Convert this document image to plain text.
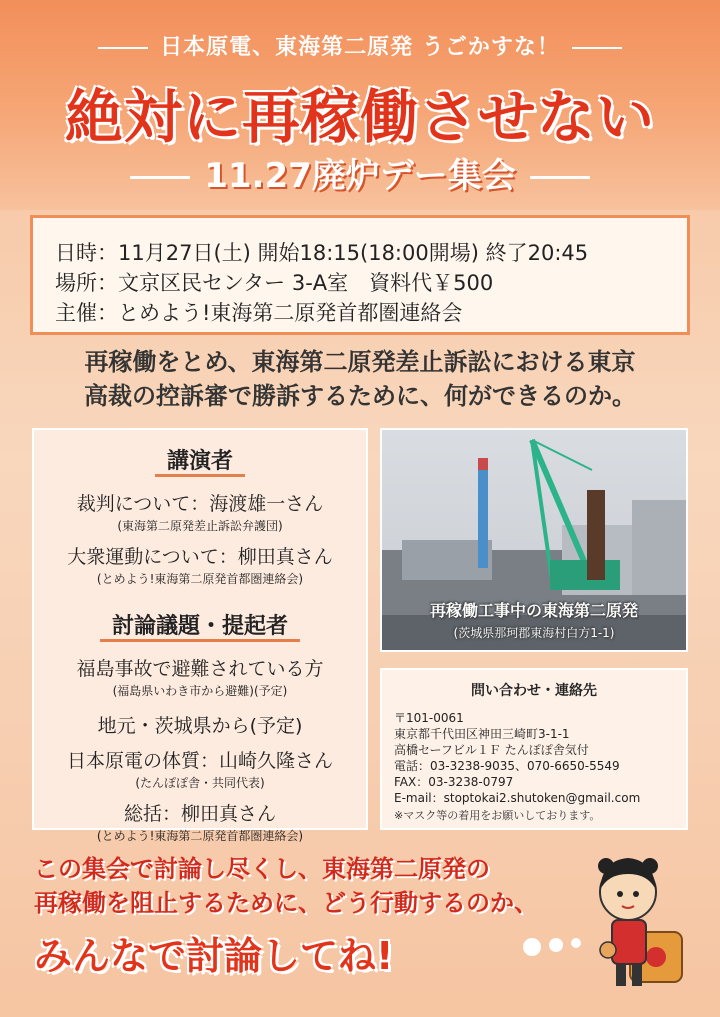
日本原電、東海第二原発 うごかすな！
絶対に再稼働させない
11.27廃炉デー集会
日時：11月27日(土) 開始18:15(18:00開場) 終了20:45
場所：文京区民センター 3-A室　資料代￥500
主催：とめよう!東海第二原発首都圏連絡会
再稼働をとめ、東海第二原発差止訴訟における東京
高裁の控訴審で勝訴するために、何ができるのか。
講演者
裁判について：海渡雄一さん
(東海第二原発差止訴訟弁護団)
大衆運動について：柳田真さん
(とめよう!東海第二原発首都圏連絡会)
討論議題・提起者
福島事故で避難されている方
(福島県いわき市から避難)(予定)
地元・茨城県から(予定)
日本原電の体質：山崎久隆さん
(たんぽぽ舎・共同代表)
総括：柳田真さん
(とめよう!東海第二原発首都圏連絡会)
再稼働工事中の東海第二原発
(茨城県那珂郡東海村白方1-1)
問い合わせ・連絡先
〒101-0061
東京都千代田区神田三崎町3-1-1
高橋セーフビル１Ｆ たんぽぽ舎気付
電話：03-3238-9035、070-6650-5549
FAX：03-3238-0797
E-mail：stoptokai2.shutoken@gmail.com
※マスク等の着用をお願いしております。
この集会で討論し尽くし、東海第二原発の
再稼働を阻止するために、どう行動するのか、
みんなで討論してね!
